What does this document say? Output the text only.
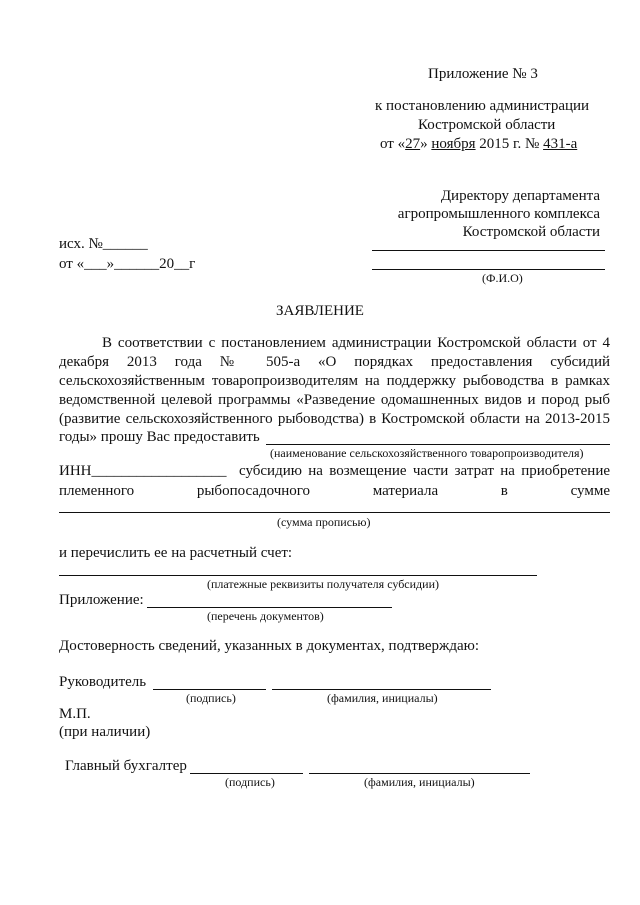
Приложение № 3
к постановлению администрации
Костромской области
от «27» ноября 2015 г. № 431-а
Директору департамента
агропромышленного комплекса
Костромской области
(Ф.И.О)
исх. №______
от «___»______20__г
ЗАЯВЛЕНИЕ
В соответствии с постановлением администрации Костромской области от 4
декабря 2013 года № 505-а «О порядках предоставления субсидий
сельскохозяйственным товаропроизводителям на поддержку рыбоводства в рамках
ведомственной целевой программы «Разведение одомашненных видов и пород рыб
(развитие сельскохозяйственного рыбоводства) в Костромской области на 2013-2015
годы» прошу Вас предоставить
(наименование сельскохозяйственного товаропроизводителя)
ИНН__________________ субсидию на возмещение части затрат на приобретение
племенного рыбопосадочного материала в сумме
(сумма прописью)
и перечислить ее на расчетный счет:
(платежные реквизиты получателя субсидии)
Приложение:
(перечень документов)
Достоверность сведений, указанных в документах, подтверждаю:
Руководитель
(подпись)	(фамилия, инициалы)
М.П.
(при наличии)
Главный бухгалтер
(подпись)	(фамилия, инициалы)
